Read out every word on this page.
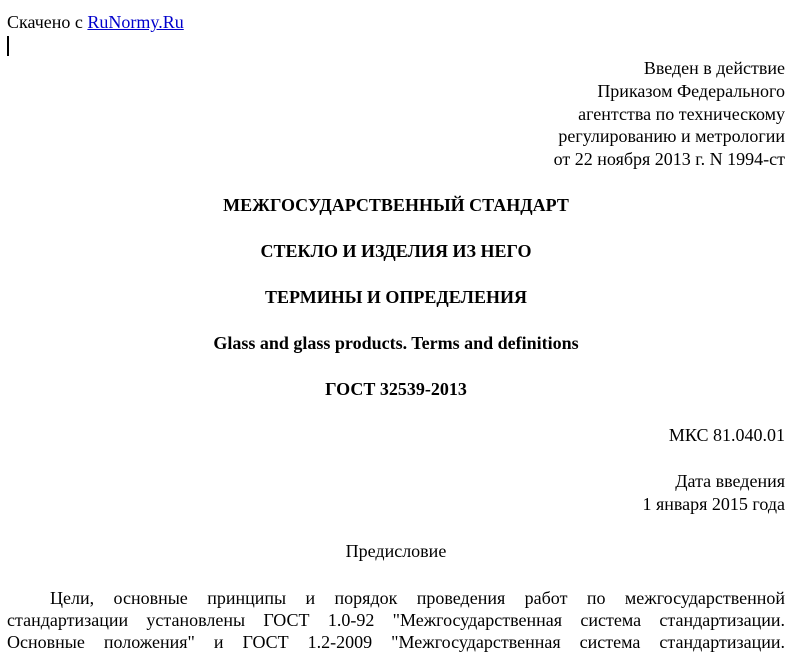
Скачено с RuNormy.Ru
Введен в действие
Приказом Федерального
агентства по техническому
регулированию и метрологии
от 22 ноября 2013 г. N 1994-ст
МЕЖГОСУДАРСТВЕННЫЙ СТАНДАРТ
СТЕКЛО И ИЗДЕЛИЯ ИЗ НЕГО
ТЕРМИНЫ И ОПРЕДЕЛЕНИЯ
Glass and glass products. Terms and definitions
ГОСТ 32539-2013
МКС 81.040.01
Дата введения
1 января 2015 года
Предисловие
Цели, основные принципы и порядок проведения работ по межгосударственной
стандартизации установлены ГОСТ 1.0-92 "Межгосударственная система стандартизации.
Основные положения" и ГОСТ 1.2-2009 "Межгосударственная система стандартизации.
